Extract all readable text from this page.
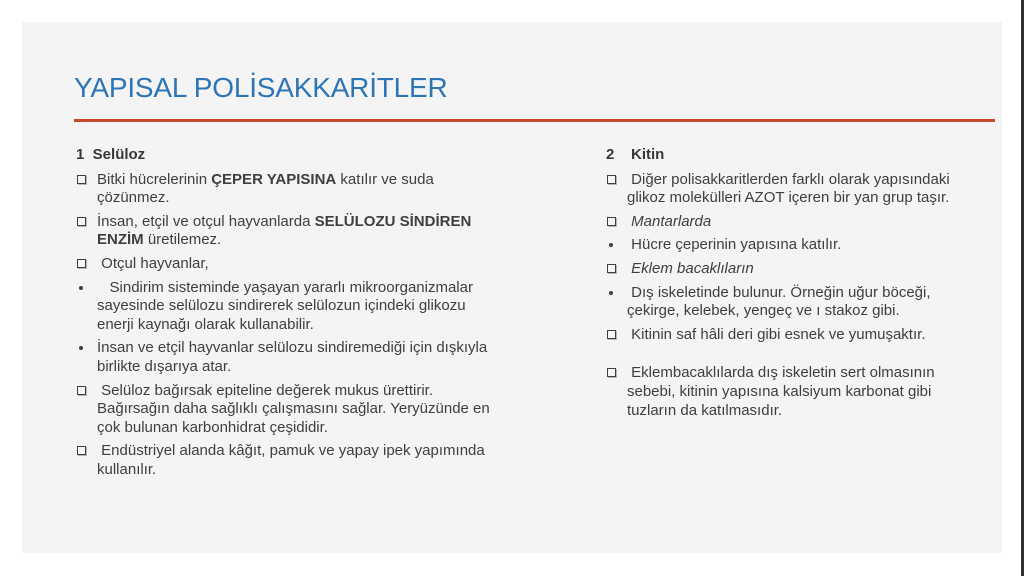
YAPISAL POLİSAKKARİTLER
1  Selüloz
Bitki hücrelerinin ÇEPER YAPISINA katılır ve suda çözünmez.
İnsan, etçil ve otçul hayvanlarda SELÜLOZU SİNDİREN ENZİM üretilemez.
Otçul hayvanlar,
Sindirim sisteminde yaşayan yararlı mikroorganizmalar sayesinde selülozu sindirerek selülozun içindeki glikozu enerji kaynağı olarak kullanabilir.
İnsan ve etçil hayvanlar selülozu sindiremediği için dışkıyla birlikte dışarıya atar.
Selüloz bağırsak epiteline değerek mukus ürettirir. Bağırsağın daha sağlıklı çalışmasını sağlar. Yeryüzünde en çok bulunan karbonhidrat çeşididir.
Endüstriyel alanda kâğıt, pamuk ve yapay ipek yapımında kullanılır.
2    Kitin
Diğer polisakkaritlerden farklı olarak yapısındaki glikoz molekülleri AZOT içeren bir yan grup taşır.
Mantarlarda
Hücre çeperinin yapısına katılır.
Eklem bacaklıların
Dış iskeletinde bulunur. Örneğin uğur böceği, çekirge, kelebek, yengeç ve ı stakoz gibi.
Kitinin saf hâli deri gibi esnek ve yumuşaktır.
Eklembacaklılarda dış iskeletin sert olmasının sebebi, kitinin yapısına kalsiyum karbonat gibi tuzların da katılmasıdır.
